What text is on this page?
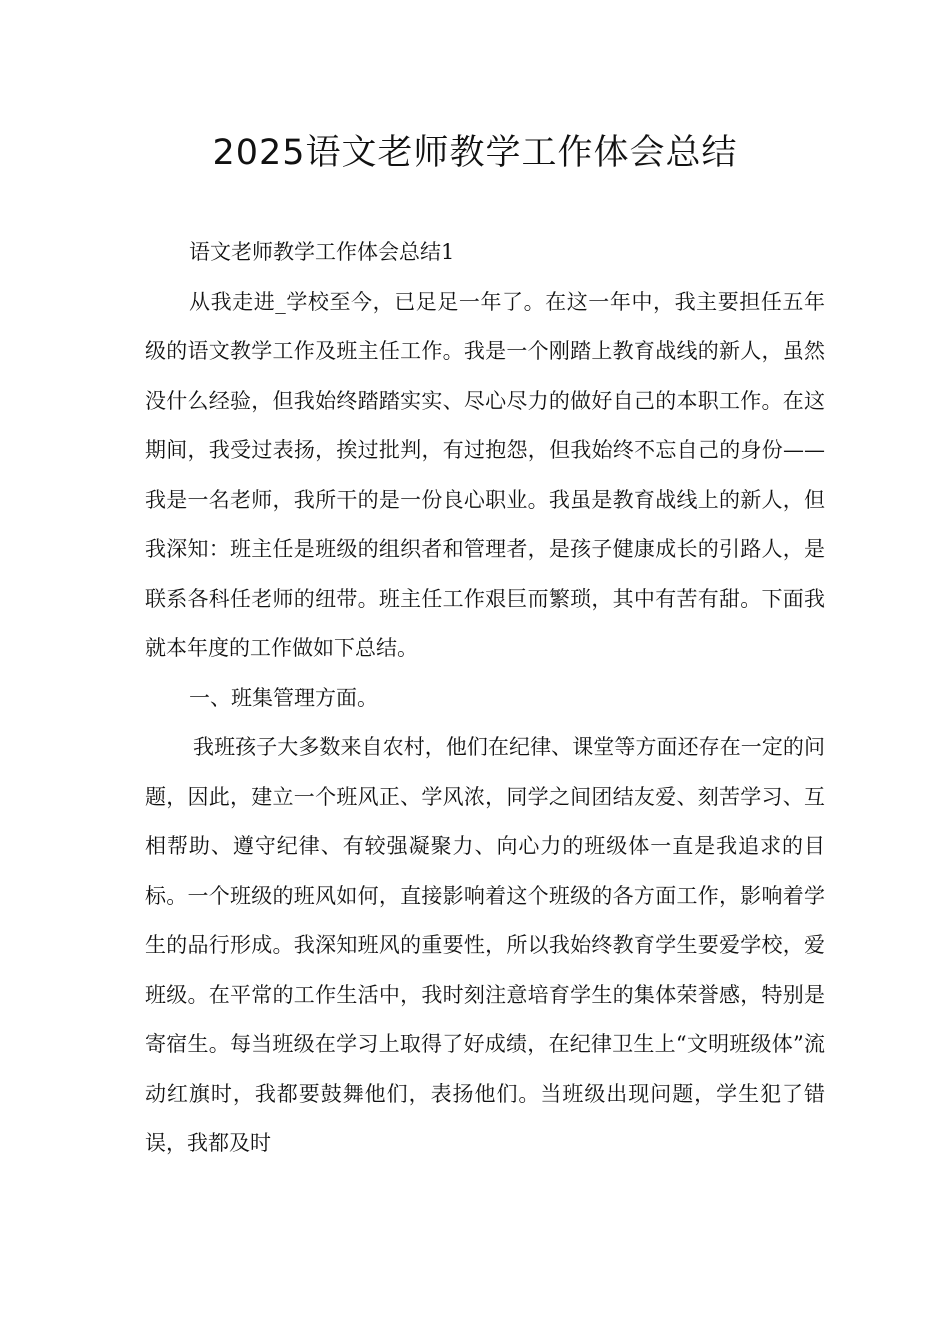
2025语文老师教学工作体会总结

语文老师教学工作体会总结1

从我走进_学校至今，已足足一年了。在这一年中，我主要担任五年级的语文教学工作及班主任工作。我是一个刚踏上教育战线的新人，虽然没什么经验，但我始终踏踏实实、尽心尽力的做好自己的本职工作。在这期间，我受过表扬，挨过批判，有过抱怨，但我始终不忘自己的身份——我是一名老师，我所干的是一份良心职业。我虽是教育战线上的新人，但我深知：班主任是班级的组织者和管理者，是孩子健康成长的引路人，是联系各科任老师的纽带。班主任工作艰巨而繁琐，其中有苦有甜。下面我就本年度的工作做如下总结。

一、班集管理方面。

我班孩子大多数来自农村，他们在纪律、课堂等方面还存在一定的问题，因此，建立一个班风正、学风浓，同学之间团结友爱、刻苦学习、互相帮助、遵守纪律、有较强凝聚力、向心力的班级体一直是我追求的目标。一个班级的班风如何，直接影响着这个班级的各方面工作，影响着学生的品行形成。我深知班风的重要性，所以我始终教育学生要爱学校，爱班级。在平常的工作生活中，我时刻注意培育学生的集体荣誉感，特别是寄宿生。每当班级在学习上取得了好成绩，在纪律卫生上“文明班级体”流动红旗时，我都要鼓舞他们，表扬他们。当班级出现问题，学生犯了错误，我都及时
